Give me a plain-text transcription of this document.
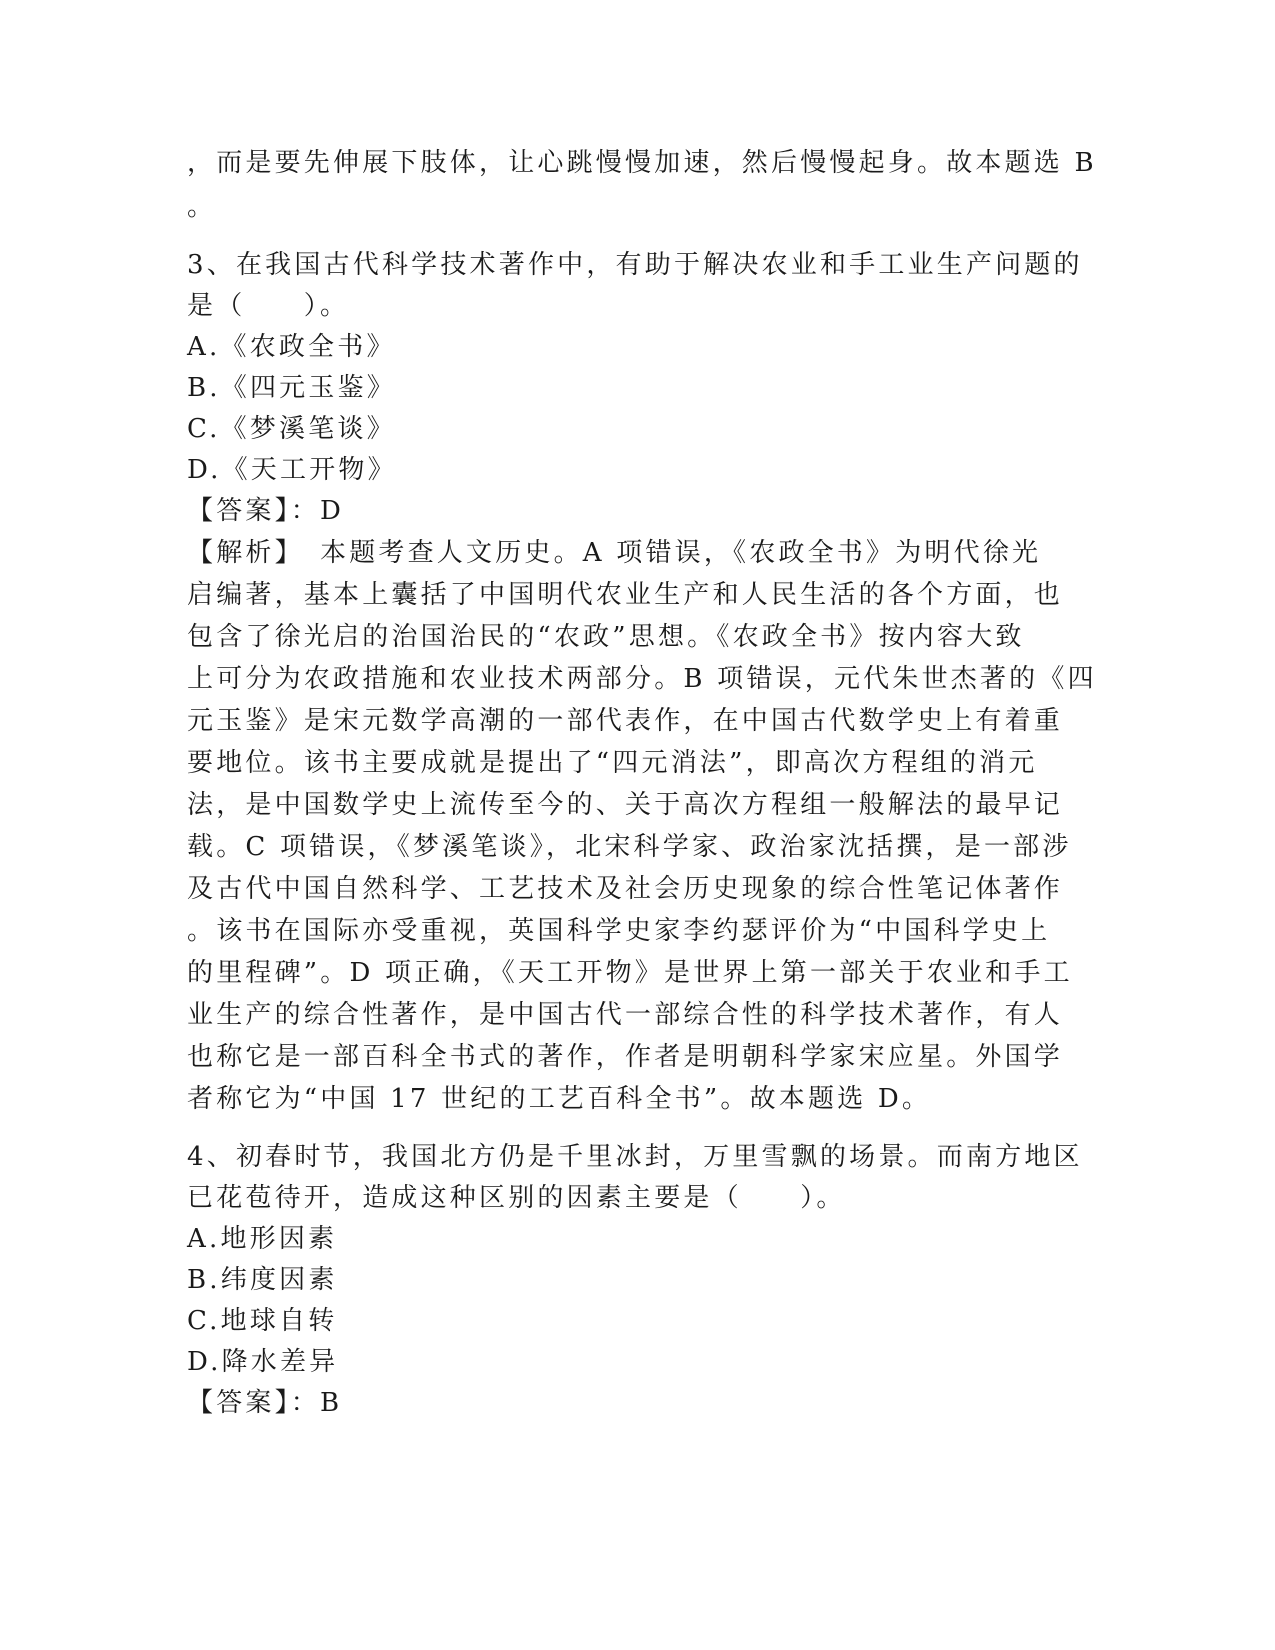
，而是要先伸展下肢体，让心跳慢慢加速，然后慢慢起身。故本题选 B
。
3、在我国古代科学技术著作中，有助于解决农业和手工业生产问题的
是（　　）。
A.《农政全书》
B.《四元玉鉴》
C.《梦溪笔谈》
D.《天工开物》
【答案】：D
【解析】　本题考查人文历史。A 项错误，《农政全书》为明代徐光
启编著，基本上囊括了中国明代农业生产和人民生活的各个方面，也
包含了徐光启的治国治民的“农政”思想。《农政全书》按内容大致
上可分为农政措施和农业技术两部分。B 项错误，元代朱世杰著的《四
元玉鉴》是宋元数学高潮的一部代表作，在中国古代数学史上有着重
要地位。该书主要成就是提出了“四元消法”，即高次方程组的消元
法，是中国数学史上流传至今的、关于高次方程组一般解法的最早记
载。C 项错误，《梦溪笔谈》，北宋科学家、政治家沈括撰，是一部涉
及古代中国自然科学、工艺技术及社会历史现象的综合性笔记体著作
。该书在国际亦受重视，英国科学史家李约瑟评价为“中国科学史上
的里程碑”。D 项正确，《天工开物》是世界上第一部关于农业和手工
业生产的综合性著作，是中国古代一部综合性的科学技术著作，有人
也称它是一部百科全书式的著作，作者是明朝科学家宋应星。外国学
者称它为“中国 17 世纪的工艺百科全书”。故本题选 D。
4、初春时节，我国北方仍是千里冰封，万里雪飘的场景。而南方地区
已花苞待开，造成这种区别的因素主要是（　　）。
A.地形因素
B.纬度因素
C.地球自转
D.降水差异
【答案】：B
